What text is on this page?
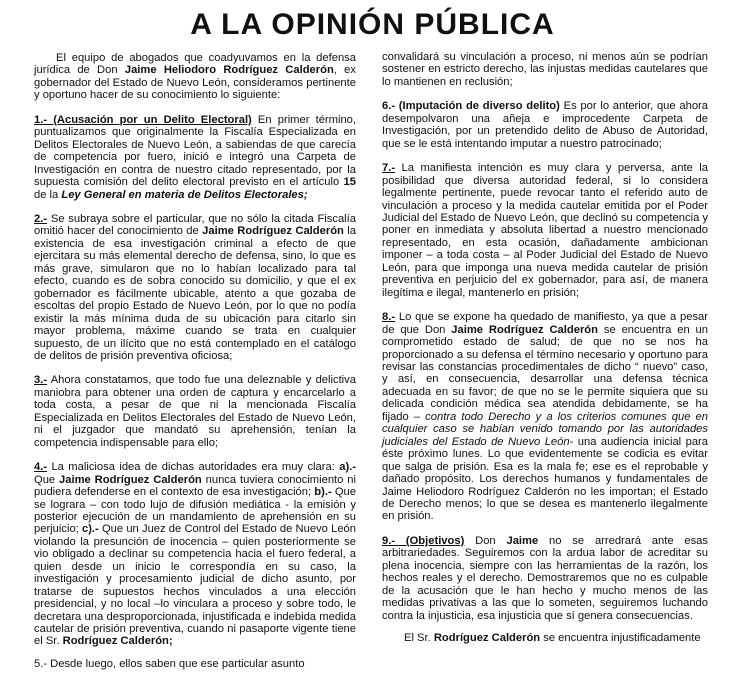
A LA OPINIÓN PÚBLICA

El equipo de abogados que coadyuvamos en la defensa jurídica de Don Jaime Heliodoro Rodríguez Calderón, ex gobernador del Estado de Nuevo León, consideramos pertinente y oportuno hacer de su conocimiento lo siguiente:

1.- (Acusación por un Delito Electoral) En primer término, puntualizamos que originalmente la Fiscalía Especializada en Delitos Electorales de Nuevo León, a sabiendas de que carecía de competencia por fuero, inició e integró una Carpeta de Investigación en contra de nuestro citado representado, por la supuesta comisión del delito electoral previsto en el artículo 15 de la Ley General en materia de Delitos Electorales;

2.- Se subraya sobre el particular, que no sólo la citada Fiscalía omitió hacer del conocimiento de Jaime Rodríguez Calderón la existencia de esa investigación criminal a efecto de que ejercitara su más elemental derecho de defensa, sino, lo que es más grave, simularon que no lo habían localizado para tal efecto, cuando es de sobra conocido su domicilio, y que el ex gobernador es fácilmente ubicable, atento a que gozaba de escoltas del propio Estado de Nuevo León, por lo que no podía existir la más mínima duda de su ubicación para citarlo sin mayor problema, máxime cuando se trata en cualquier supuesto, de un ilícito que no está contemplado en el catálogo de delitos de prisión preventiva oficiosa;

3.- Ahora constatamos, que todo fue una deleznable y delictiva maniobra para obtener una orden de captura y encarcelarlo a toda costa, a pesar de que ni la mencionada Fiscalía Especializada en Delitos Electorales del Estado de Nuevo León, ni el juzgador que mandató su aprehensión, tenían la competencia indispensable para ello;

4.- La maliciosa idea de dichas autoridades era muy clara: a).-Que Jaime Rodríguez Calderón nunca tuviera conocimiento ni pudiera defenderse en el contexto de esa investigación; b).- Que se lograra – con todo lujo de difusión mediática - la emisión y posterior ejecución de un mandamiento de aprehensión en su perjuicio; c).- Que un Juez de Control del Estado de Nuevo León violando la presunción de inocencia – quien posteriormente se vio obligado a declinar su competencia hacia el fuero federal, a quien desde un inicio le correspondía en su caso, la investigación y procesamiento judicial de dicho asunto, por tratarse de supuestos hechos vinculados a una elección presidencial, y no local –lo vinculara a proceso y sobre todo, le decretara una desproporcionada, injustificada e indebida medida cautelar de prisión preventiva, cuando ni pasaporte vigente tiene el Sr. Rodríguez Calderón;

5.- Desde luego, ellos saben que ese particular asunto

convalidará su vinculación a proceso, ni menos aún se podrían sostener en estricto derecho, las injustas medidas cautelares que lo mantienen en reclusión;

6.- (Imputación de diverso delito) Es por lo anterior, que ahora desempolvaron una añeja e improcedente Carpeta de Investigación, por un pretendido delito de Abuso de Autoridad, que se le está intentando imputar a nuestro patrocinado;

7.- La manifiesta intención es muy clara y perversa, ante la posibilidad que diversa autoridad federal, si lo considera legalmente pertinente, puede revocar tanto el referido auto de vinculación a proceso y la medida cautelar emitida por el Poder Judicial del Estado de Nuevo León, que declinó su competencia y poner en inmediata y absoluta libertad a nuestro mencionado representado, en esta ocasión, dañadamente ambicionan imponer – a toda costa – al Poder Judicial del Estado de Nuevo León, para que imponga una nueva medida cautelar de prisión preventiva en perjuicio del ex gobernador, para así, de manera ilegítima e ilegal, mantenerlo en prisión;

8.- Lo que se expone ha quedado de manifiesto, ya que a pesar de que Don Jaime Rodríguez Calderón se encuentra en un comprometido estado de salud; de que no se nos ha proporcionado a su defensa el término necesario y oportuno para revisar las constancias procedimentales de dicho “ nuevo” caso, y así, en consecuencia, desarrollar una defensa técnica adecuada en su favor; de que no se le permite siquiera que su delicada condición médica sea atendida debidamente, se ha fijado – contra todo Derecho y a los criterios comunes que en cualquier caso se habían venido tomando por las autoridades judiciales del Estado de Nuevo León- una audiencia inicial para éste próximo lunes. Lo que evidentemente se codicia es evitar que salga de prisión. Esa es la mala fe; ese es el reprobable y dañado propósito. Los derechos humanos y fundamentales de Jaime Heliodoro Rodríguez Calderón no les importan; el Estado de Derecho menos; lo que se desea es mantenerlo ilegalmente en prisión.

9.- (Objetivos) Don Jaime no se arredrará ante esas arbitrariedades. Seguiremos con la ardua labor de acreditar su plena inocencia, siempre con las herramientas de la razón, los hechos reales y el derecho. Demostraremos que no es culpable de la acusación que le han hecho y mucho menos de las medidas privativas a las que lo someten, seguiremos luchando contra la injusticia, esa injusticia que sí genera consecuencias.

El Sr. Rodríguez Calderón se encuentra injustificadamente
